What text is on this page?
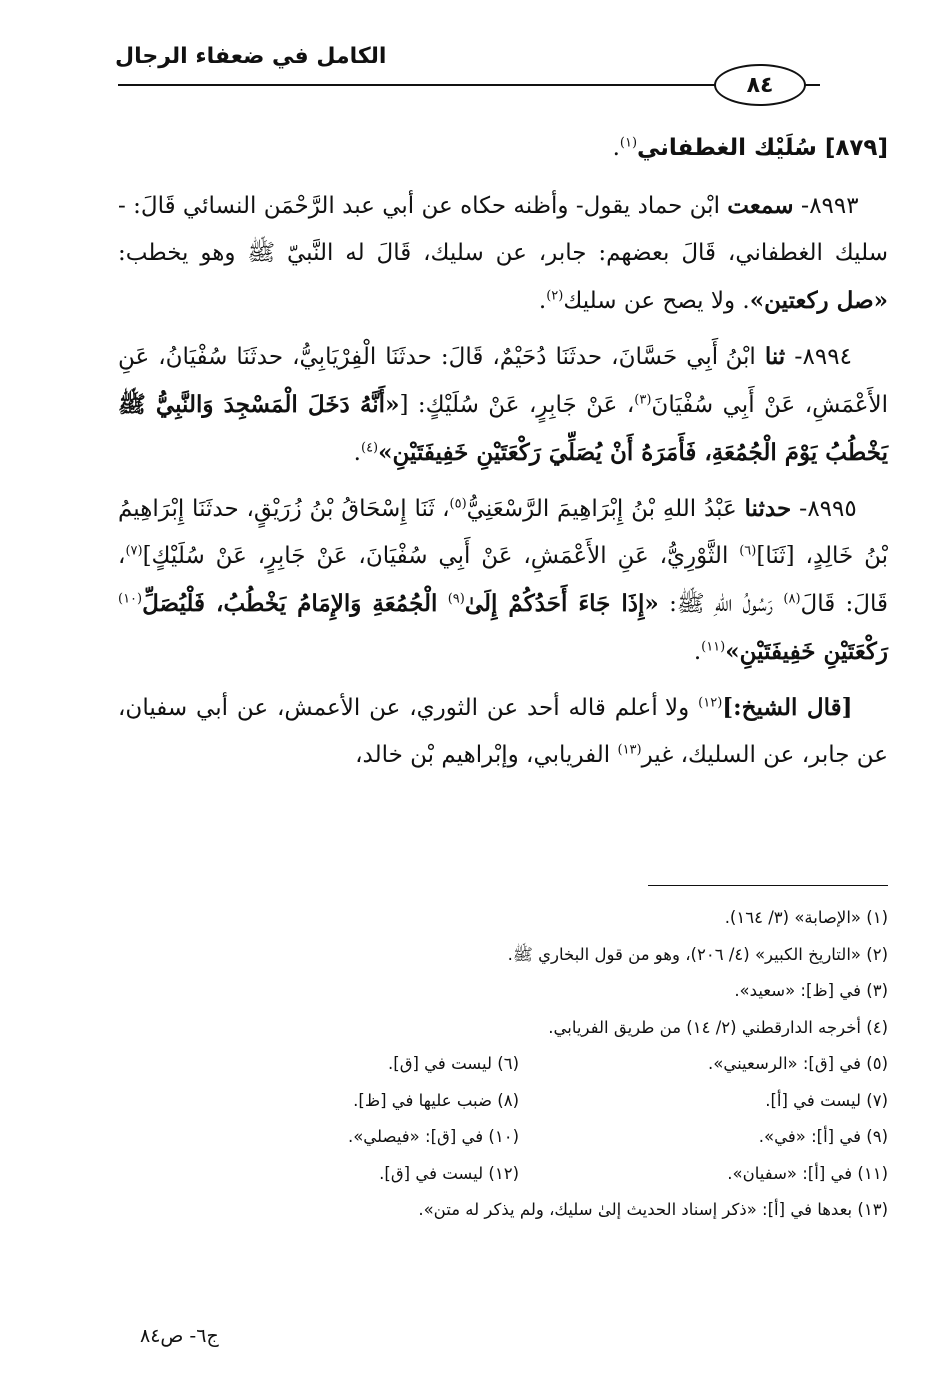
الكامل في ضعفاء الرجال
٨٤

[٨٧٩] سُلَيْك الغطفاني$^{(١)}$.

٨٩٩٣- سمعت ابْن حماد يقول- وأظنه حكاه عن أبي عبد الرَّحْمَن النسائي قَالَ: - سليك الغطفاني، قَالَ بعضهم: جابر، عن سليك، قَالَ له النَّبيّ ﷺ وهو يخطب: «صل ركعتين». ولا يصح عن سليك$^{(٢)}$.

٨٩٩٤- ثنا ابْنُ أَبِي حَسَّانَ، حدثَنَا دُحَيْمٌ، قَالَ: حدثَنَا الْفِرْيَابِيُّ، حدثَنَا سُفْيَانُ، عَنِ الأَعْمَشِ، عَنْ أَبِي سُفْيَانَ$^{(٣)}$، عَنْ جَابِرٍ، عَنْ سُلَيْكٍ: [«أَنَّهُ دَخَلَ الْمَسْجِدَ وَالنَّبِيُّ ﷺ يَخْطُبُ يَوْمَ الْجُمُعَةِ، فَأَمَرَهُ أَنْ يُصَلِّيَ رَكْعَتَيْنِ خَفِيفَتَيْنِ»$^{(٤)}$.

٨٩٩٥- حدثنا عَبْدُ اللهِ بْنُ إِبْرَاهِيمَ الرَّسْعَنِيُّ$^{(٥)}$، ثَنَا إِسْحَاقُ بْنُ زُرَيْقٍ، حدثَنَا إِبْرَاهِيمُ بْنُ خَالِدٍ، [ثَنَا]$^{(٦)}$ الثَّوْرِيُّ، عَنِ الأَعْمَشِ، عَنْ أَبِي سُفْيَانَ، عَنْ جَابِرٍ، عَنْ سُلَيْكٍ]$^{(٧)}$، قَالَ: قَالَ$^{(٨)}$ رَسُولُ اللهِ ﷺ: «إِذَا جَاءَ أَحَدُكُمْ إِلَىٰ$^{(٩)}$ الْجُمُعَةِ وَالإِمَامُ يَخْطُبُ، فَلْيُصَلِّ$^{(١٠)}$ رَكْعَتَيْنِ خَفِيفَتَيْنِ»$^{(١١)}$.

[قال الشيخ:]$^{(١٢)}$ ولا أعلم قاله أحد عن الثوري، عن الأعمش، عن أبي سفيان، عن جابر، عن السليك، غير$^{(١٣)}$ الفريابي، وإبْراهيم بْن خالد،

(١) «الإصابة» (٣/ ١٦٤).
(٢) «التاريخ الكبير» (٤/ ٢٠٦)، وهو من قول البخاري ﷺ.
(٣) في [ظ]: «سعيد».
(٤) أخرجه الدارقطني (٢/ ١٤) من طريق الفريابي.
(٥) في [ق]: «الرسعيني».
(٦) ليست في [ق].
(٧) ليست في [أ].
(٨) ضبب عليها في [ظ].
(٩) في [أ]: «في».
(١٠) في [ق]: «فيصلي».
(١١) في [أ]: «سفيان».
(١٢) ليست في [ق].
(١٣) بعدها في [أ]: «ذكر إسناد الحديث إلىٰ سليك، ولم يذكر له متن».
ج٦- ص٨٤
